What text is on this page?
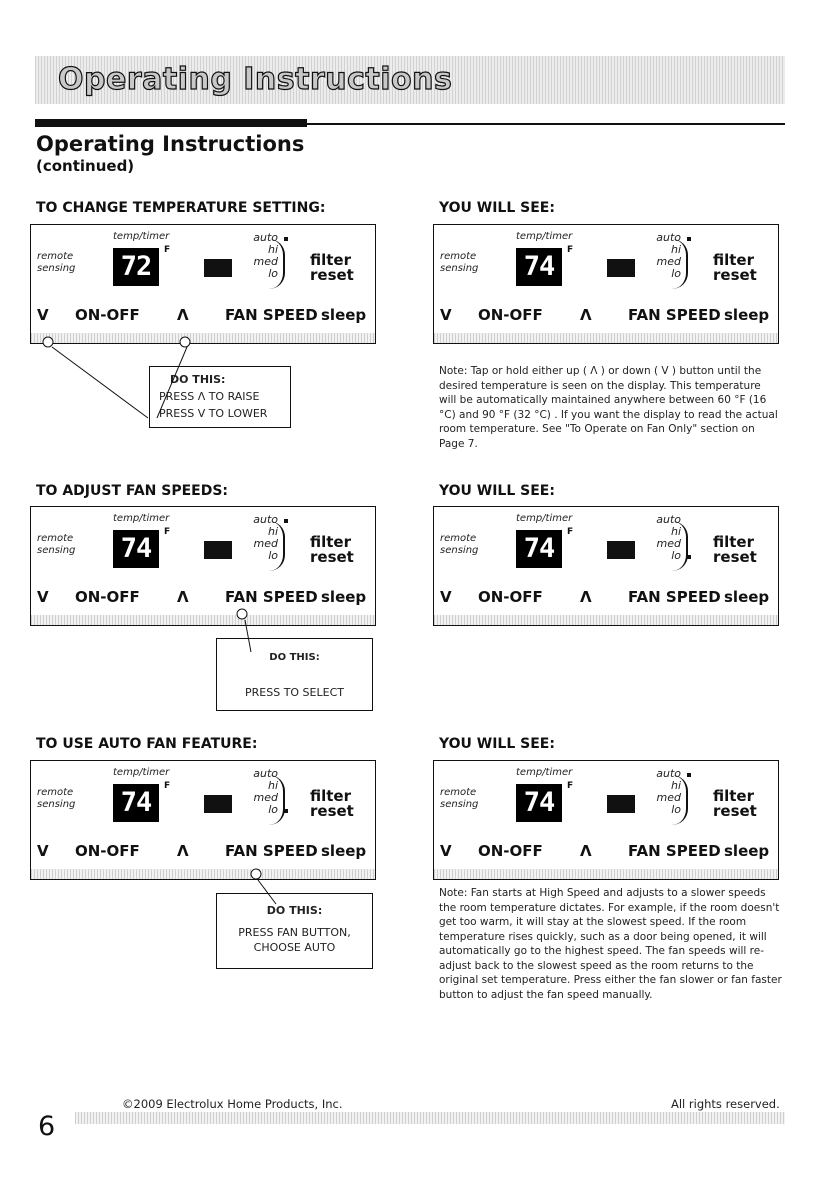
Operating Instructions
Operating Instructions
(continued)
TO CHANGE TEMPERATURE SETTING:	YOU WILL SEE:
TO ADJUST FAN SPEEDS:	YOU WILL SEE:
TO USE AUTO FAN FEATURE:	YOU WILL SEE:
temp/timer
remote sensing 72
F
auto
hi
med
lo
filter reset
V ON-OFF Λ FAN SPEED sleep
temp/timer
remote sensing 74
F
auto
hi
med
lo
filter reset
V ON-OFF Λ FAN SPEED sleep
temp/timer
remote sensing 74
F
auto
hi
med
lo
filter reset
V ON-OFF Λ FAN SPEED sleep
temp/timer
remote sensing 74
F
auto
hi
med
lo
filter reset
V ON-OFF Λ FAN SPEED sleep
temp/timer
remote sensing 74
F
auto
hi
med
lo
filter reset
V ON-OFF Λ FAN SPEED sleep
temp/timer
remote sensing 74
F
auto
hi
med
lo
filter reset
V ON-OFF Λ FAN SPEED sleep
DO THIS:
PRESS Λ TO RAISE
PRESS V TO LOWER
DO THIS:
PRESS TO SELECT
DO THIS:
PRESS FAN BUTTON,
CHOOSE AUTO
Note: Tap or hold either up ( Λ ) or down ( V ) button until the desired temperature is seen on the display. This temperature will be automatically maintained anywhere between 60 °F (16 °C) and 90 °F (32 °C) . If you want the display to read the actual room temperature. See "To Operate on Fan Only" section on Page 7.
Note: Fan starts at High Speed and adjusts to a slower speeds the room temperature dictates. For example, if the room doesn't get too warm, it will stay at the slowest speed. If the room temperature rises quickly, such as a door being opened, it will automatically go to the highest speed. The fan speeds will re-adjust back to the slowest speed as the room returns to the original set temperature. Press either the fan slower or fan faster button to adjust the fan speed manually.
6
©2009 Electrolux Home Products, Inc.	All rights reserved.
